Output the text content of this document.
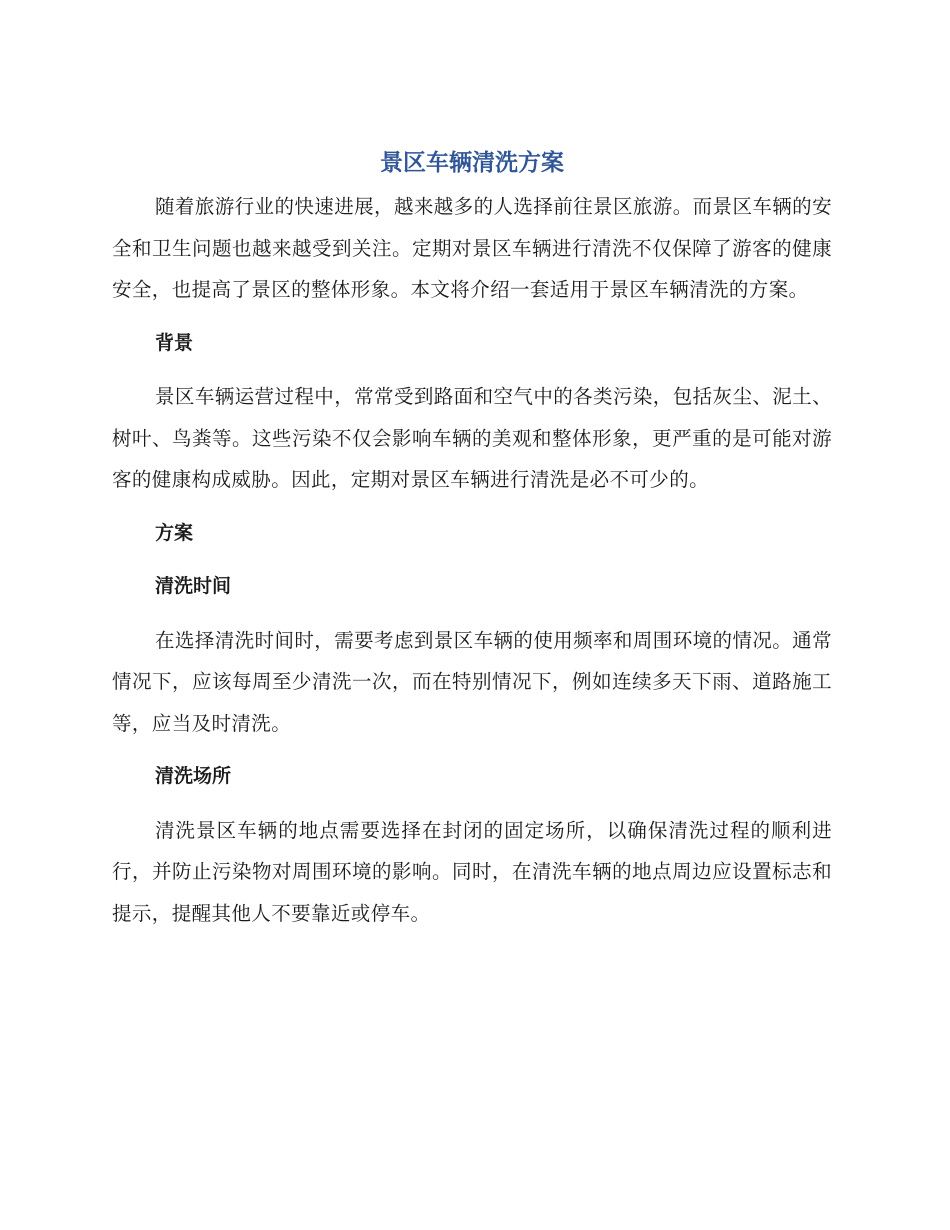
景区车辆清洗方案

随着旅游行业的快速进展，越来越多的人选择前往景区旅游。而景区车辆的安全和卫生问题也越来越受到关注。定期对景区车辆进行清洗不仅保障了游客的健康安全，也提高了景区的整体形象。本文将介绍一套适用于景区车辆清洗的方案。

背景

景区车辆运营过程中，常常受到路面和空气中的各类污染，包括灰尘、泥土、树叶、鸟粪等。这些污染不仅会影响车辆的美观和整体形象，更严重的是可能对游客的健康构成威胁。因此，定期对景区车辆进行清洗是必不可少的。

方案
清洗时间

在选择清洗时间时，需要考虑到景区车辆的使用频率和周围环境的情况。通常情况下，应该每周至少清洗一次，而在特别情况下，例如连续多天下雨、道路施工等，应当及时清洗。

清洗场所

清洗景区车辆的地点需要选择在封闭的固定场所，以确保清洗过程的顺利进行，并防止污染物对周围环境的影响。同时，在清洗车辆的地点周边应设置标志和提示，提醒其他人不要靠近或停车。
